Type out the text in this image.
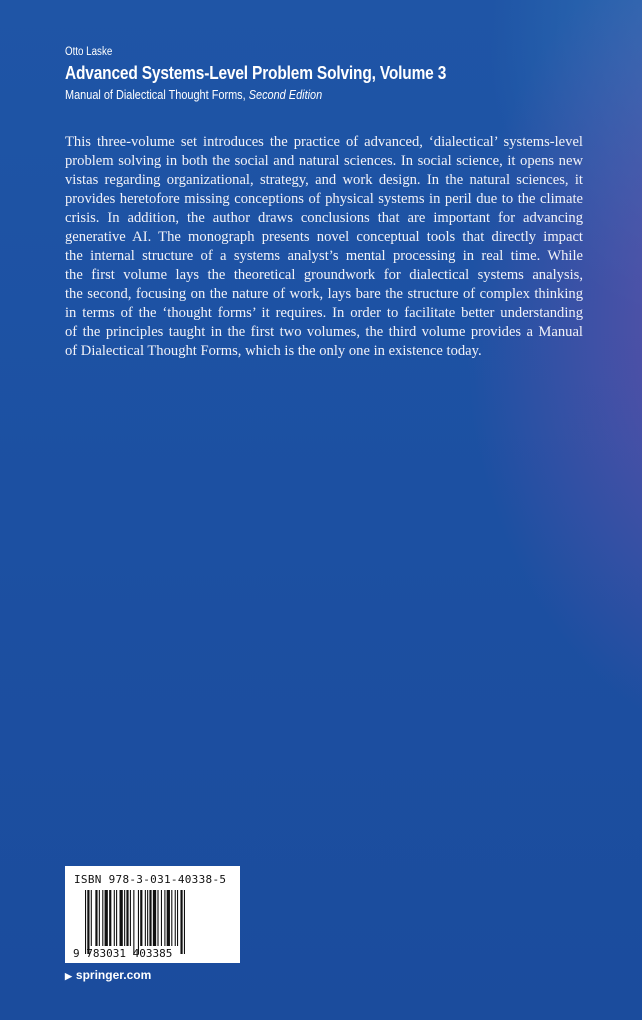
Otto Laske
Advanced Systems-Level Problem Solving, Volume 3
Manual of Dialectical Thought Forms, Second Edition
This three-volume set introduces the practice of advanced, ‘dialectical’ systems-level
problem solving in both the social and natural sciences. In social science, it opens new
vistas regarding organizational, strategy, and work design. In the natural sciences, it
provides heretofore missing conceptions of physical systems in peril due to the climate
crisis. In addition, the author draws conclusions that are important for advancing
generative AI. The monograph presents novel conceptual tools that directly impact
the internal structure of a systems analyst’s mental processing in real time. While
the first volume lays the theoretical groundwork for dialectical systems analysis,
the second, focusing on the nature of work, lays bare the structure of complex thinking
in terms of the ‘thought forms’ it requires. In order to facilitate better understanding
of the principles taught in the first two volumes, the third volume provides a Manual
of Dialectical Thought Forms, which is the only one in existence today.
ISBN 978-3-031-40338-5
9 783031 403385
▶ springer.com
